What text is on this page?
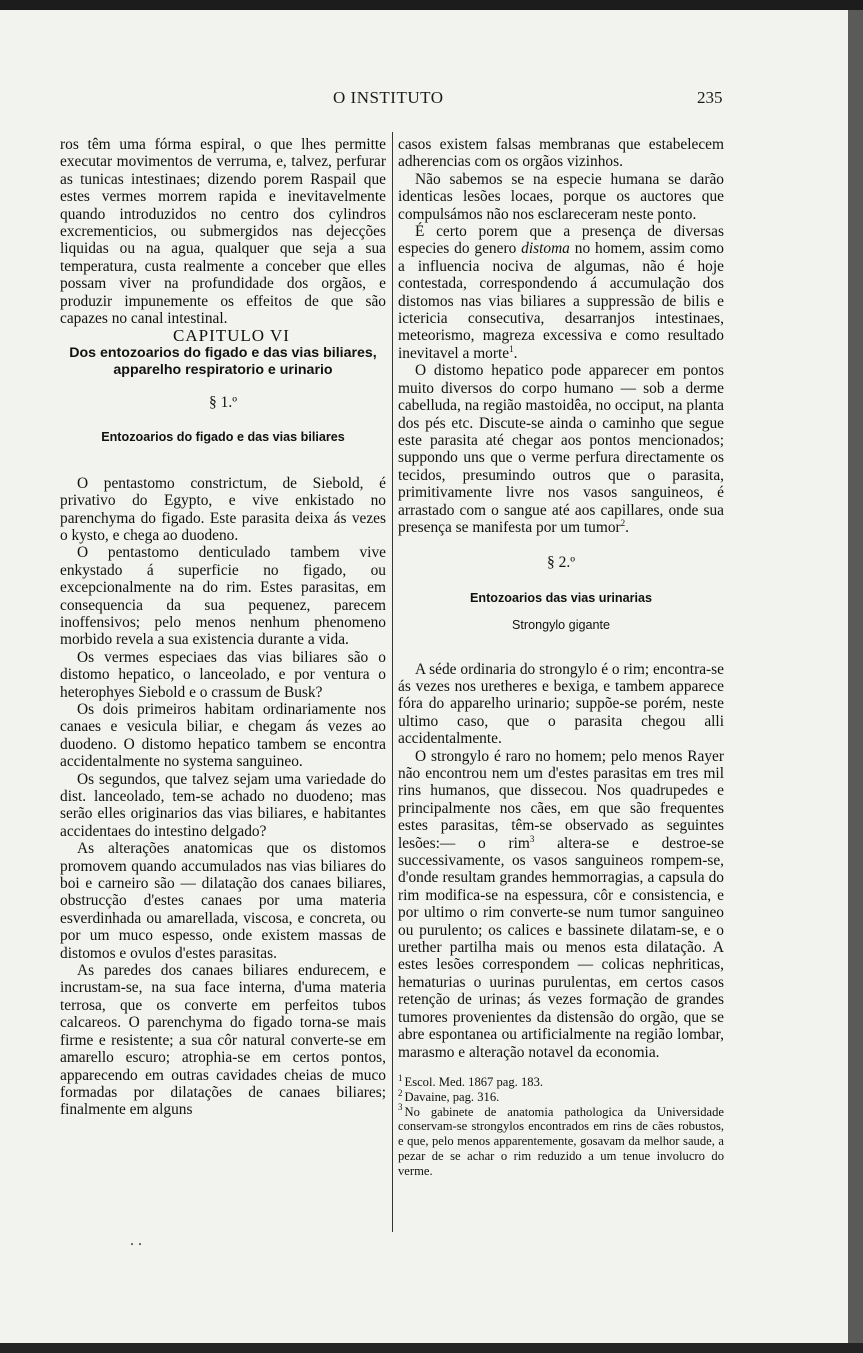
O INSTITUTO	235

ros têm uma fórma espiral, o que lhes permitte executar movimentos de verruma, e, talvez, perfurar as tunicas intestinaes; dizendo porem Raspail que estes vermes morrem rapida e inevitavelmente quando introduzidos no centro dos cylindros excrementicios, ou submergidos nas dejecções liquidas ou na agua, qualquer que seja a sua temperatura, custa realmente a conceber que elles possam viver na profundidade dos orgãos, e produzir impunemente os effeitos de que são capazes no canal intestinal.

CAPITULO VI

Dos entozoarios do figado e das vias biliares, apparelho respiratorio e urinario
§ 1.º
Entozoarios do figado e das vias biliares

O pentastomo constrictum, de Siebold, é privativo do Egypto, e vive enkistado no parenchyma do figado. Este parasita deixa ás vezes o kysto, e chega ao duodeno.

O pentastomo denticulado tambem vive enkystado á superficie no figado, ou excepcionalmente na do rim. Estes parasitas, em consequencia da sua pequenez, parecem inoffensivos; pelo menos nenhum phenomeno morbido revela a sua existencia durante a vida.

Os vermes especiaes das vias biliares são o distomo hepatico, o lanceolado, e por ventura o heterophyes Siebold e o crassum de Busk?

Os dois primeiros habitam ordinariamente nos canaes e vesicula biliar, e chegam ás vezes ao duodeno. O distomo hepatico tambem se encontra accidentalmente no systema sanguineo.

Os segundos, que talvez sejam uma variedade do dist. lanceolado, tem-se achado no duodeno; mas serão elles originarios das vias biliares, e habitantes accidentaes do intestino delgado?

As alterações anatomicas que os distomos promovem quando accumulados nas vias biliares do boi e carneiro são — dilatação dos canaes biliares, obstrucção d'estes canaes por uma materia esverdinhada ou amarellada, viscosa, e concreta, ou por um muco espesso, onde existem massas de distomos e ovulos d'estes parasitas.

As paredes dos canaes biliares endurecem, e incrustam-se, na sua face interna, d'uma materia terrosa, que os converte em perfeitos tubos calcareos. O parenchyma do figado torna-se mais firme e resistente; a sua côr natural converte-se em amarello escuro; atrophia-se em certos pontos, apparecendo em outras cavidades cheias de muco formadas por dilatações de canaes biliares; finalmente em alguns

casos existem falsas membranas que estabelecem adherencias com os orgãos vizinhos.

Não sabemos se na especie humana se darão identicas lesões locaes, porque os auctores que compulsámos não nos esclareceram neste ponto.

É certo porem que a presença de diversas especies do genero distoma no homem, assim como a influencia nociva de algumas, não é hoje contestada, correspondendo á accumulação dos distomos nas vias biliares a suppressão de bilis e ictericia consecutiva, desarranjos intestinaes, meteorismo, magreza excessiva e como resultado inevitavel a morte$^1$.

O distomo hepatico pode apparecer em pontos muito diversos do corpo humano — sob a derme cabelluda, na região mastoidêa, no occiput, na planta dos pés etc. Discute-se ainda o caminho que segue este parasita até chegar aos pontos mencionados; suppondo uns que o verme perfura directamente os tecidos, presumindo outros que o parasita, primitivamente livre nos vasos sanguineos, é arrastado com o sangue até aos capillares, onde sua presença se manifesta por um tumor$^2$.

§ 2.º
Entozoarios das vias urinarias
Strongylo gigante

A séde ordinaria do strongylo é o rim; encontra-se ás vezes nos uretheres e bexiga, e tambem apparece fóra do apparelho urinario; suppõe-se porém, neste ultimo caso, que o parasita chegou alli accidentalmente.

O strongylo é raro no homem; pelo menos Rayer não encontrou nem um d'estes parasitas em tres mil rins humanos, que dissecou. Nos quadrupedes e principalmente nos cães, em que são frequentes estes parasitas, têm-se observado as seguintes lesões:— o rim$^3$ altera-se e destroe-se successivamente, os vasos sanguineos rompem-se, d'onde resultam grandes hemmorragias, a capsula do rim modifica-se na espessura, côr e consistencia, e por ultimo o rim converte-se num tumor sanguineo ou purulento; os calices e bassinete dilatam-se, e o urether partilha mais ou menos esta dilatação. A estes lesões correspondem — colicas nephriticas, hematurias o uurinas purulentas, em certos casos retenção de urinas; ás vezes formação de grandes tumores provenientes da distensão do orgão, que se abre espontanea ou artificialmente na região lombar, marasmo e alteração notavel da economia.

$^1$ Escol. Med. 1867 pag. 183.
$^2$ Davaine, pag. 316.
$^3$ No gabinete de anatomia pathologica da Universidade conservam-se strongylos encontrados em rins de cães robustos, e que, pelo menos apparentemente, gosavam da melhor saude, a pezar de se achar o rim reduzido a um tenue involucro do verme.
. .
